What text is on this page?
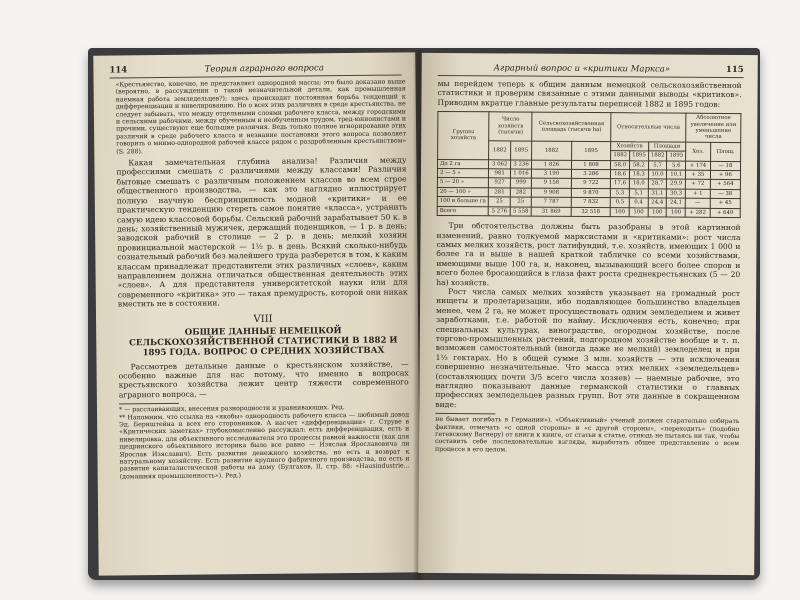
114	Теория аграрного вопроса

«Крестьянство, конечно, не представляет однородной массы; это было доказано выше (вероятно, в рассуждении о такой незначительной детали, как промышленная наемная работа земледельцев?); здесь происходит постоянная борьба тенденций к дифференциации и нивелированию. Но о всех этих различиях в среде крестьянства, не следует забывать, что между отдельными слоями рабочего класса, между городскими и сельскими рабочими, между обученным и необученным трудом, тред-юнионистами и прочими, существуют еще большие различия. Ведь только полное игнорирование этих различий в среде рабочего класса и незнание постановки этого вопроса позволяет говорить о мнимо-однородной рабочей классе рядом с раздробленным крестьянством» (S. 288).

Какая замечательная глубина анализа! Различия между профессиями смешать с различиями между классами! Различия бытовые смешать с различным положением классов во всем строе общественного производства, — как это наглядно иллюстрирует полную научную беспринципность модной «критики» и ее практическую тенденцию стереть самое понятие «класса», устранить самую идею классовой борьбы. Сельский рабочий зарабатывает 50 к. в день; хозяйственный мужичек, держащий поденщиков, — 1 р. в день; заводской рабочий в столице — 2 р. в день; мелкий хозяин провинциальной мастерской — 1½ р. в день. Всякий сколько-нибудь сознательный рабочий без малейшего труда разберется в том, к каким классам принадлежат представители этих различных «слоев», каким направлением должна отличаться общественная деятельность этих «слоев». А для представителя университетской науки или для современного «критика» это — такая премудрость, которой они никак вместить не в состоянии.

VIII
ОБЩИЕ ДАННЫЕ НЕМЕЦКОЙ СЕЛЬСКОХОЗЯЙСТВЕННОЙ СТАТИСТИКИ В 1882 И 1895 ГОДА. ВОПРОС О СРЕДНИХ ХОЗЯЙСТВАХ

Рассмотрев детальные данные о крестьянском хозяйстве, — особенно важные для нас потому, что именно в вопросах крестьянского хозяйства лежит центр тяжести современного аграрного вопроса, —

* — расслаивающих, внесения разнородности и уравнивающих. Ред.
** Напомним, что ссылка на «якобы» однородность рабочего класса — любимый довод Эд. Бернштейна и всех его сторонников. А насчет «дифференциации» г. Струве в «Критических заметках» глубокомысленно рассуждал: есть дифференциация, есть и нивелировка, для объективного исследователя это процессы равной важности (как для щедринского объективного историка было все равно — Изяслав Ярославовича ли Ярослав Изяславич). Есть развитие денежного хозяйства, но есть и возврат к натуральному хозяйству. Есть развитие крупного фабричного производства, но есть и развитие капиталистической работы на дому (Булгаков, II, стр. 88: «Hausindustrie... (домашняя промышленность»). Ред.)

Аграрный вопрос и «критики Маркса»	115

мы перейдем теперь к общим данным немецкой сельскохозяйственной статистики и проверим связанные с этими данными выводы «критиков». Приводим вкратце главные результаты переписей 1882 и 1895 годов:

Группы хозяйств	Число хозяйств (тысячи)		Сельскохозяйственная площадь (тысячи ha)		Относительные числа				Абсолютное увеличение или уменьшение числа	
	1882	1895	1882	1895	Хозяйств		Площади		Хоз.	Площ.
					1882	1895	1882	1895		
До 2 га	3 062	3 236	1 826	1 808	58,0	58,2	5,7	5,6	+ 174	— 18
2 — 5 »	981	1 016	3 190	3 286	18,6	18,3	10,0	10,1	+ 35	+ 96
5 — 20 »	927	999	9 158	9 722	17,6	18,0	28,7	29,9	+ 72	+ 564
20 — 100 »	281	282	9 908	9 870	5,3	5,1	31,1	30,3	+ 1	— 38
100 и больше га	25	25	7 787	7 832	0,5	0,4	24,4	24,1	—	+ 45
Всего	5 276	5 558	31 869	32 518	100	100	100	100	+ 282	+ 649

Три обстоятельства должны быть разобраны в этой картинной изменений, равно толкуемой марксистами и «критиками»: рост числа самых мелких хозяйств, рост латифундий, т.е. хозяйств, имеющих 1 000 и более га и выше в нашей краткой табличке со всеми хозяйствами, имеющими выше 100 га, и, наконец, вызывающий всего более споров и всего более бросающийся в глаза факт роста среднекрестьянских (5 — 20 ha) хозяйств.

Рост числа самых мелких хозяйств указывает на громадный рост нищеты и пролетаризации, ибо подавляющее большинство владельцев менее, чем 2 га, не может просуществовать одним земледелием и живет заработками, т.е. работой по найму. Исключения есть, конечно; при специальных культурах, виноградстве, огородном хозяйстве, после торгово-промышленных растений, подгородном хозяйстве вообще и т. п. возможен самостоятельный (иногда даже не мелкий) земледелец и при 1½ гектарах. Но в общей сумме 3 млн. хозяйств — эти исключения совершенно незначительные. Что масса этих мелких «земледельцев» (составляющих почти 3/5 всего числа хозяев) — наемные рабочие, это наглядно показывают данные германской статистики о главных профессиях земледельцев разных групп. Вот эти данные в сокращенном виде:

не бывает погибать в Германии»). «Объективный» ученый должен старательно собирать фактики, отмечать «с одной стороны» и «с другой стороны», «переходить» (подобно гетевскому Вагнеру) от книги к книге, от статьи к статье, отнюдь не пытаясь ни так, чтобы составить себе последовательные взгляды, выработать общее представление о всем процессе в его целом.
